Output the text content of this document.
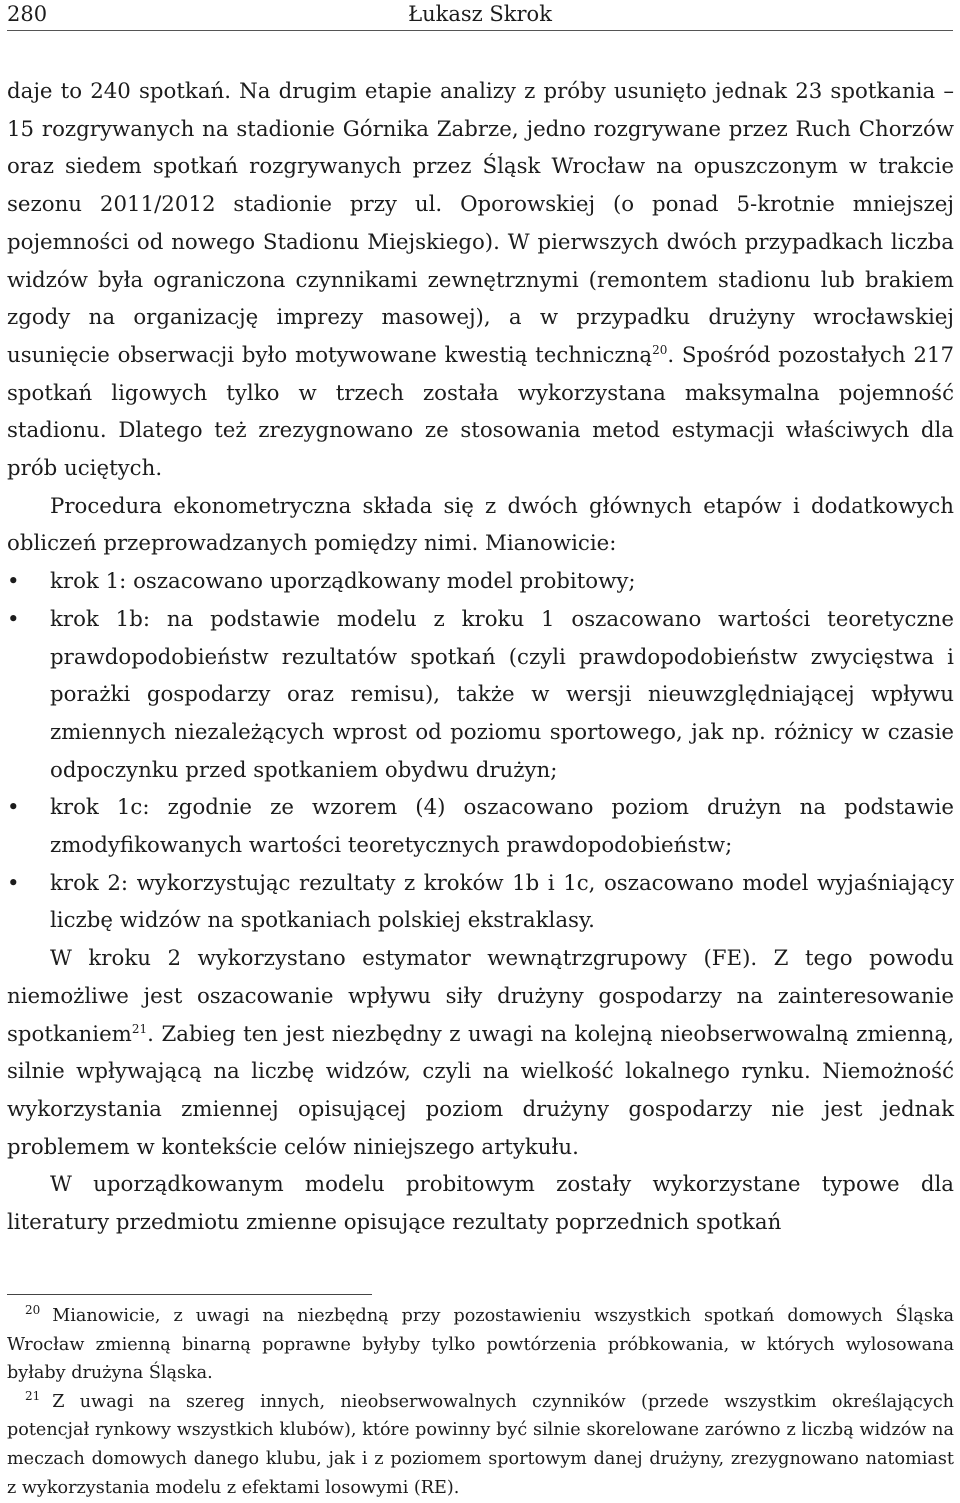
280	Łukasz Skrok

daje to 240 spotkań. Na drugim etapie analizy z próby usunięto jednak 23 spotkania – 15 rozgrywanych na stadionie Górnika Zabrze, jedno rozgrywane przez Ruch Chorzów oraz siedem spotkań rozgrywanych przez Śląsk Wrocław na opuszczonym w trakcie sezonu 2011/2012 stadionie przy ul. Oporowskiej (o ponad 5-krotnie mniejszej pojemności od nowego Stadionu Miejskiego). W pierwszych dwóch przypadkach liczba widzów była ograniczona czynnikami zewnętrznymi (remontem stadionu lub brakiem zgody na organizację imprezy masowej), a w przypadku drużyny wrocławskiej usunięcie obserwacji było motywowane kwestią techniczną$^{20}$. Spośród pozostałych 217 spotkań ligowych tylko w trzech została wykorzystana maksymalna pojemność stadionu. Dlatego też zrezygnowano ze stosowania metod estymacji właściwych dla prób uciętych.

Procedura ekonometryczna składa się z dwóch głównych etapów i dodatkowych obliczeń przeprowadzanych pomiędzy nimi. Mianowicie:

• krok 1: oszacowano uporządkowany model probitowy;
• krok 1b: na podstawie modelu z kroku 1 oszacowano wartości teoretyczne prawdopodobieństw rezultatów spotkań (czyli prawdopodobieństw zwycięstwa i porażki gospodarzy oraz remisu), także w wersji nieuwzględniającej wpływu zmiennych niezależących wprost od poziomu sportowego, jak np. różnicy w czasie odpoczynku przed spotkaniem obydwu drużyn;
• krok 1c: zgodnie ze wzorem (4) oszacowano poziom drużyn na podstawie zmodyfikowanych wartości teoretycznych prawdopodobieństw;
• krok 2: wykorzystując rezultaty z kroków 1b i 1c, oszacowano model wyjaśniający liczbę widzów na spotkaniach polskiej ekstraklasy.

W kroku 2 wykorzystano estymator wewnątrzgrupowy (FE). Z tego powodu niemożliwe jest oszacowanie wpływu siły drużyny gospodarzy na zainteresowanie spotkaniem$^{21}$. Zabieg ten jest niezbędny z uwagi na kolejną nieobserwowalną zmienną, silnie wpływającą na liczbę widzów, czyli na wielkość lokalnego rynku. Niemożność wykorzystania zmiennej opisującej poziom drużyny gospodarzy nie jest jednak problemem w kontekście celów niniejszego artykułu.

W uporządkowanym modelu probitowym zostały wykorzystane typowe dla literatury przedmiotu zmienne opisujące rezultaty poprzednich spotkań

$^{20}$ Mianowicie, z uwagi na niezbędną przy pozostawieniu wszystkich spotkań domowych Śląska Wrocław zmienną binarną poprawne byłyby tylko powtórzenia próbkowania, w których wylosowana byłaby drużyna Śląska.

$^{21}$ Z uwagi na szereg innych, nieobserwowalnych czynników (przede wszystkim określających potencjał rynkowy wszystkich klubów), które powinny być silnie skorelowane zarówno z liczbą widzów na meczach domowych danego klubu, jak i z poziomem sportowym danej drużyny, zrezygnowano natomiast z wykorzystania modelu z efektami losowymi (RE).
